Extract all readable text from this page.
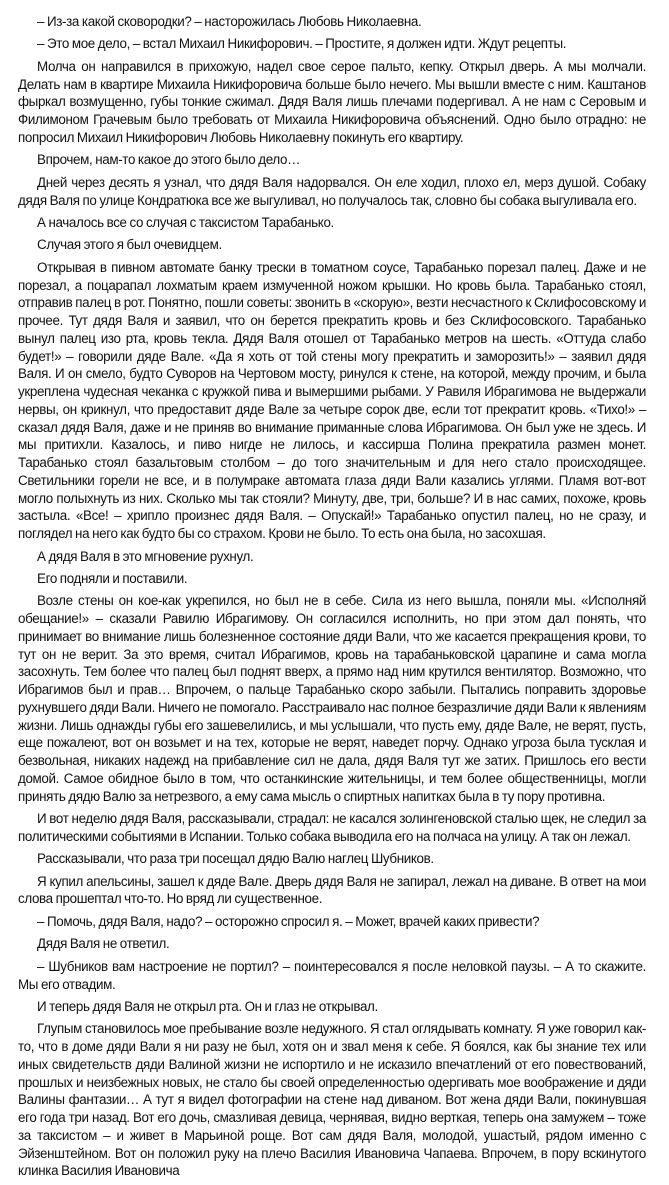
– Из-за какой сковородки? – насторожилась Любовь Николаевна.

– Это мое дело, – встал Михаил Никифорович. – Простите, я должен идти. Ждут рецепты.

Молча он направился в прихожую, надел свое серое пальто, кепку. Открыл дверь. А мы молчали. Делать нам в квартире Михаила Никифоровича больше было нечего. Мы вышли вместе с ним. Каштанов фыркал возмущенно, губы тонкие сжимал. Дядя Валя лишь плечами подергивал. А не нам с Серовым и Филимоном Грачевым было требовать от Михаила Никифоровича объяснений. Одно было отрадно: не попросил Михаил Никифорович Любовь Николаевну покинуть его квартиру.

Впрочем, нам-то какое до этого было дело…

Дней через десять я узнал, что дядя Валя надорвался. Он еле ходил, плохо ел, мерз душой. Собаку дядя Валя по улице Кондратюка все же выгуливал, но получалось так, словно бы собака выгуливала его.

А началось все со случая с таксистом Тарабанько.

Случая этого я был очевидцем.

Открывая в пивном автомате банку трески в томатном соусе, Тарабанько порезал палец. Даже и не порезал, а поцарапал лохматым краем измученной ножом крышки. Но кровь была. Тарабанько стоял, отправив палец в рот. Понятно, пошли советы: звонить в «скорую», везти несчастного к Склифосовскому и прочее. Тут дядя Валя и заявил, что он берется прекратить кровь и без Склифосовского. Тарабанько вынул палец изо рта, кровь текла. Дядя Валя отошел от Тарабанько метров на шесть. «Оттуда слабо будет!» – говорили дяде Вале. «Да я хоть от той стены могу прекратить и заморозить!» – заявил дядя Валя. И он смело, будто Суворов на Чертовом мосту, ринулся к стене, на которой, между прочим, и была укреплена чудесная чеканка с кружкой пива и вымершими рыбами. У Равиля Ибрагимова не выдержали нервы, он крикнул, что предоставит дяде Вале за четыре сорок две, если тот прекратит кровь. «Тихо!» – сказал дядя Валя, даже и не приняв во внимание приманные слова Ибрагимова. Он был уже не здесь. И мы притихли. Казалось, и пиво нигде не лилось, и кассирша Полина прекратила размен монет. Тарабанько стоял базальтовым столбом – до того значительным и для него стало происходящее. Светильники горели не все, и в полумраке автомата глаза дяди Вали казались углями. Пламя вот-вот могло полыхнуть из них. Сколько мы так стояли? Минуту, две, три, больше? И в нас самих, похоже, кровь застыла. «Все! – хрипло произнес дядя Валя. – Опускай!» Тарабанько опустил палец, но не сразу, и поглядел на него как будто бы со страхом. Крови не было. То есть она была, но засохшая.

А дядя Валя в это мгновение рухнул.

Его подняли и поставили.

Возле стены он кое-как укрепился, но был не в себе. Сила из него вышла, поняли мы. «Исполняй обещание!» – сказали Равилю Ибрагимову. Он согласился исполнить, но при этом дал понять, что принимает во внимание лишь болезненное состояние дяди Вали, что же касается прекращения крови, то тут он не верит. За это время, считал Ибрагимов, кровь на тарабаньковской царапине и сама могла засохнуть. Тем более что палец был поднят вверх, а прямо над ним крутился вентилятор. Возможно, что Ибрагимов был и прав… Впрочем, о пальце Тарабанько скоро забыли. Пытались поправить здоровье рухнувшего дяди Вали. Ничего не помогало. Расстраивало нас полное безразличие дяди Вали к явлениям жизни. Лишь однажды губы его зашевелились, и мы услышали, что пусть ему, дяде Вале, не верят, пусть, еще пожалеют, вот он возьмет и на тех, которые не верят, наведет порчу. Однако угроза была тусклая и безвольная, никаких надежд на прибавление сил не дала, дядя Валя тут же затих. Пришлось его вести домой. Самое обидное было в том, что останкинские жительницы, и тем более общественницы, могли принять дядю Валю за нетрезвого, а ему сама мысль о спиртных напитках была в ту пору противна.

И вот неделю дядя Валя, рассказывали, страдал: не касался золингеновской сталью щек, не следил за политическими событиями в Испании. Только собака выводила его на полчаса на улицу. А так он лежал.

Рассказывали, что раза три посещал дядю Валю наглец Шубников.

Я купил апельсины, зашел к дяде Вале. Дверь дядя Валя не запирал, лежал на диване. В ответ на мои слова прошептал что-то. Но вряд ли существенное.

– Помочь, дядя Валя, надо? – осторожно спросил я. – Может, врачей каких привести?

Дядя Валя не ответил.

– Шубников вам настроение не портил? – поинтересовался я после неловкой паузы. – А то скажите. Мы его отвадим.

И теперь дядя Валя не открыл рта. Он и глаз не открывал.

Глупым становилось мое пребывание возле недужного. Я стал оглядывать комнату. Я уже говорил как-то, что в доме дяди Вали я ни разу не был, хотя он и звал меня к себе. Я боялся, как бы знание тех или иных свидетельств дяди Валиной жизни не испортило и не исказило впечатлений от его повествований, прошлых и неизбежных новых, не стало бы своей определенностью одергивать мое воображение и дяди Валины фантазии… А тут я видел фотографии на стене над диваном. Вот жена дяди Вали, покинувшая его года три назад. Вот его дочь, смазливая девица, чернявая, видно верткая, теперь она замужем – тоже за таксистом – и живет в Марьиной роще. Вот сам дядя Валя, молодой, ушастый, рядом именно с Эйзенштейном. Вот он положил руку на плечо Василия Ивановича Чапаева. Впрочем, в пору вскинутого клинка Василия Ивановича
